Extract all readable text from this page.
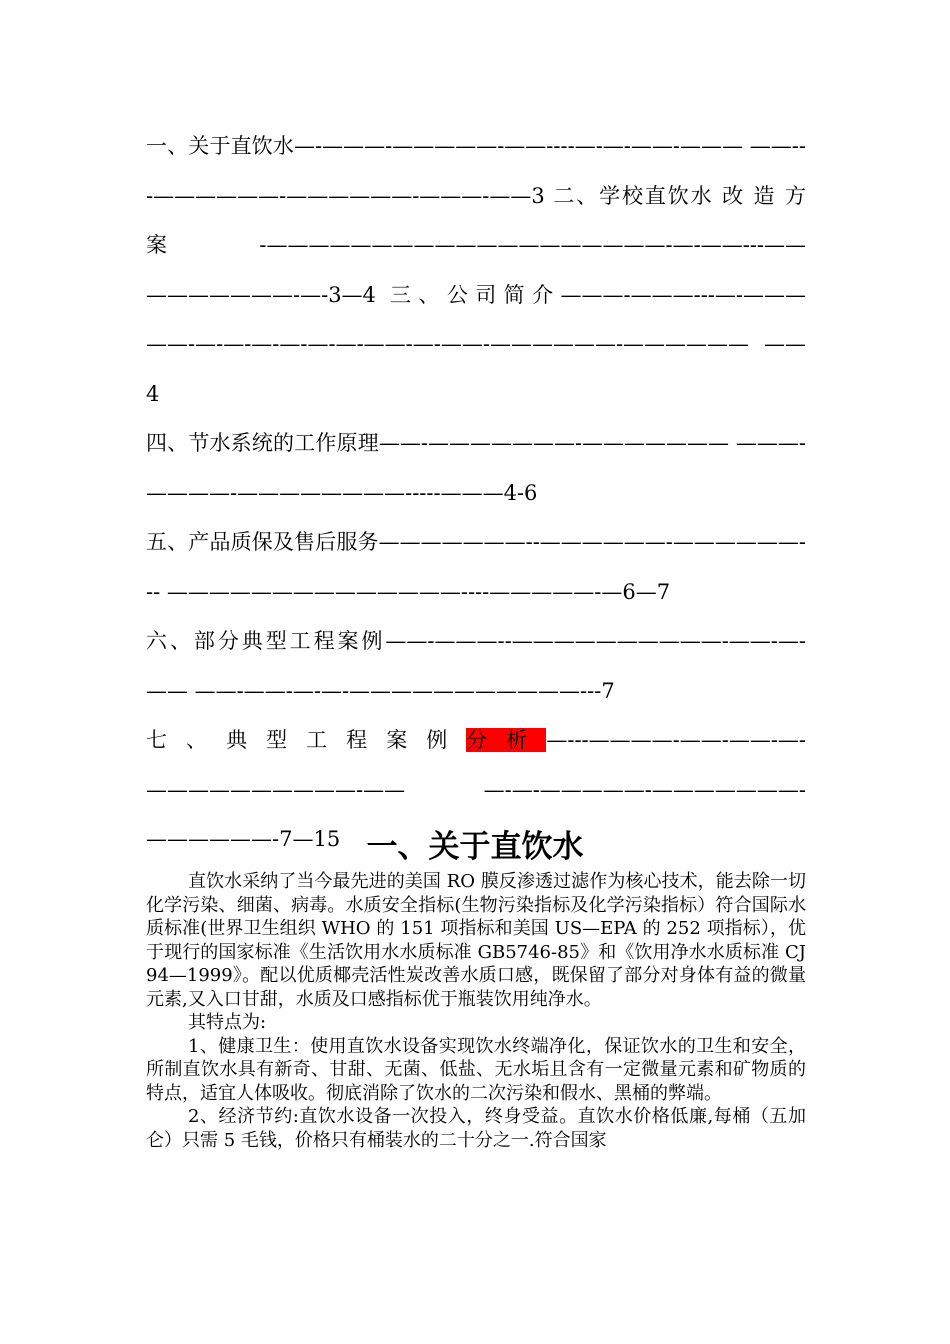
一、关于直饮水—-———-—————-——----—-—-——-——— ——---——————-——————-———-——3 二、学校直饮水 改 造 方 案 -———————————————————-—-——---—— ———————-—-3—4 三、公司简介———-———---—-——— ——-—-—-—-—-—-—-——-—-——-——————-—————— ——4

四、节水系统的工作原理——-———————-——————— ———-————-————————-----———4-6

五、产品质保及售后服务———————--——————-——————--- ——————————————----—————-—6—7

六、部分典型工程案例——-———--——————————-——-—-—— ——-——-—-—-———————————---7

七、典型工程案例分析—---————-——-——-—-——————————-—— —-—-—————-———————-——————-7—15 一、关于直饮水

直饮水采纳了当今最先进的美国 RO 膜反渗透过滤作为核心技术，能去除一切化学污染、细菌、病毒。水质安全指标(生物污染指标及化学污染指标）符合国际水质标准(世界卫生组织 WHO 的 151 项指标和美国 US—EPA 的 252 项指标），优于现行的国家标准《生活饮用水水质标准 GB5746-85》和《饮用净水水质标准 CJ94—1999》。配以优质椰壳活性炭改善水质口感，既保留了部分对身体有益的微量元素,又入口甘甜，水质及口感指标优于瓶装饮用纯净水。

其特点为:

1、健康卫生：使用直饮水设备实现饮水终端净化，保证饮水的卫生和安全，所制直饮水具有新奇、甘甜、无菌、低盐、无水垢且含有一定微量元素和矿物质的特点，适宜人体吸收。彻底消除了饮水的二次污染和假水、黑桶的弊端。

2、经济节约:直饮水设备一次投入，终身受益。直饮水价格低廉,每桶（五加仑）只需 5 毛钱，价格只有桶装水的二十分之一.符合国家
